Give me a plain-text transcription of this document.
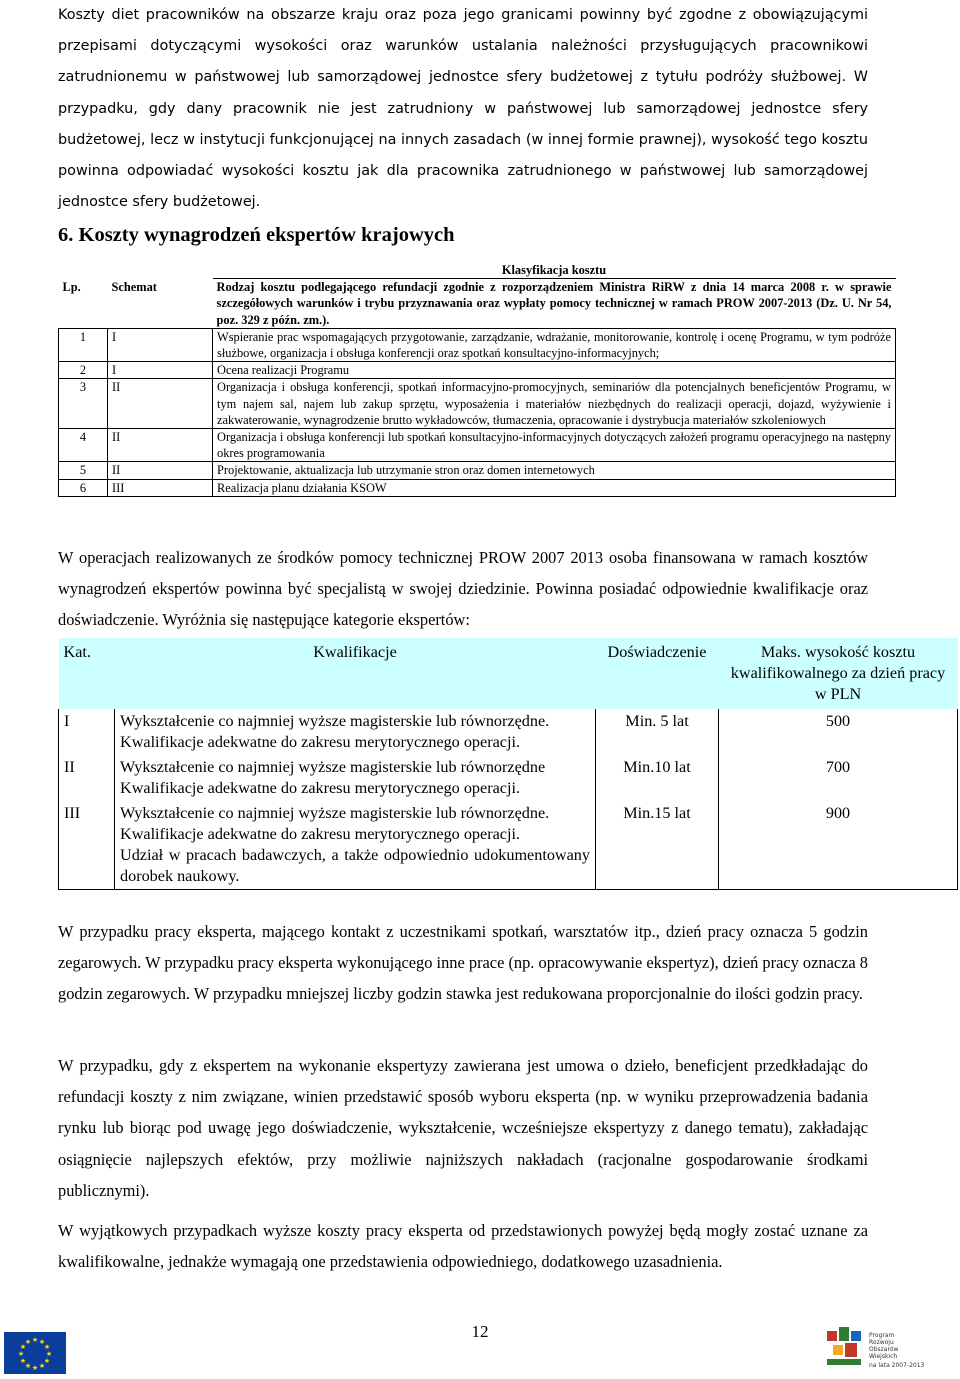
Koszty diet pracowników na obszarze kraju oraz poza jego granicami powinny być zgodne z obowiązującymi przepisami dotyczącymi wysokości oraz warunków ustalania należności przysługujących pracownikowi zatrudnionemu w państwowej lub samorządowej jednostce sfery budżetowej z tytułu podróży służbowej. W przypadku, gdy dany pracownik nie jest zatrudniony w państwowej lub samorządowej jednostce sfery budżetowej, lecz w instytucji funkcjonującej na innych zasadach (w innej formie prawnej), wysokość tego kosztu powinna odpowiadać wysokości kosztu jak dla pracownika zatrudnionego w państwowej lub samorządowej jednostce sfery budżetowej.

6. Koszty wynagrodzeń ekspertów krajowych
		Klasyfikacja kosztu
Lp.	Schemat	Rodzaj kosztu podlegającego refundacji zgodnie z rozporządzeniem Ministra RiRW z dnia 14 marca 2008 r. w sprawie szczegółowych warunków i trybu przyznawania oraz wypłaty pomocy technicznej w ramach PROW 2007-2013 (Dz. U. Nr 54, poz. 329 z późn. zm.).
1	I	Wspieranie prac wspomagających przygotowanie, zarządzanie, wdrażanie, monitorowanie, kontrolę i ocenę Programu, w tym podróże służbowe, organizacja i obsługa konferencji oraz spotkań konsultacyjno-informacyjnych;
2	I	Ocena realizacji Programu
3	II	Organizacja i obsługa konferencji, spotkań informacyjno-promocyjnych, seminariów dla potencjalnych beneficjentów Programu, w tym najem sal, najem lub zakup sprzętu, wyposażenia i materiałów niezbędnych do realizacji operacji, dojazd, wyżywienie i zakwaterowanie, wynagrodzenie brutto wykładowców, tłumaczenia, opracowanie i dystrybucja materiałów szkoleniowych
4	II	Organizacja i obsługa konferencji lub spotkań konsultacyjno-informacyjnych dotyczących założeń programu operacyjnego na następny okres programowania
5	II	Projektowanie, aktualizacja lub utrzymanie stron oraz domen internetowych
6	III	Realizacja planu działania KSOW

W operacjach realizowanych ze środków pomocy technicznej PROW 2007 2013 osoba finansowana w ramach kosztów wynagrodzeń ekspertów powinna być specjalistą w swojej dziedzinie. Powinna posiadać odpowiednie kwalifikacje oraz doświadczenie. Wyróżnia się następujące kategorie ekspertów:

Kat.	Kwalifikacje	Doświadczenie	Maks. wysokość kosztu kwalifikowalnego za dzień pracy w PLN
I	Wykształcenie co najmniej wyższe magisterskie lub równorzędne.
Kwalifikacje adekwatne do zakresu merytorycznego operacji.	Min. 5 lat	500
II	Wykształcenie co najmniej wyższe magisterskie lub równorzędne
Kwalifikacje adekwatne do zakresu merytorycznego operacji.	Min.10 lat	700
III	Wykształcenie co najmniej wyższe magisterskie lub równorzędne.
Kwalifikacje adekwatne do zakresu merytorycznego operacji.
Udział w pracach badawczych, a także odpowiednio udokumentowany dorobek naukowy.	Min.15 lat	900

W przypadku pracy eksperta, mającego kontakt z uczestnikami spotkań, warsztatów itp., dzień pracy oznacza 5 godzin zegarowych. W przypadku pracy eksperta wykonującego inne prace (np. opracowywanie ekspertyz), dzień pracy oznacza 8 godzin zegarowych. W przypadku mniejszej liczby godzin stawka jest redukowana proporcjonalnie do ilości godzin pracy.

W przypadku, gdy z ekspertem na wykonanie ekspertyzy zawierana jest umowa o dzieło, beneficjent przedkładając do refundacji koszty z nim związane, winien przedstawić sposób wyboru eksperta (np. w wyniku przeprowadzenia badania rynku lub biorąc pod uwagę jego doświadczenie, wykształcenie, wcześniejsze ekspertyzy z danego tematu), zakładając osiągnięcie najlepszych efektów, przy możliwie najniższych nakładach (racjonalne gospodarowanie środkami publicznymi).

W wyjątkowych przypadkach wyższe koszty pracy eksperta od przedstawionych powyżej będą mogły zostać uznane za kwalifikowalne, jednakże wymagają one przedstawienia odpowiedniego, dodatkowego uzasadnienia.

12
★ ★
★
★
★
★
★
★
★
★
★
★
Program
Rozwoju
Obszarów
Wiejskich
na lata 2007-2013
